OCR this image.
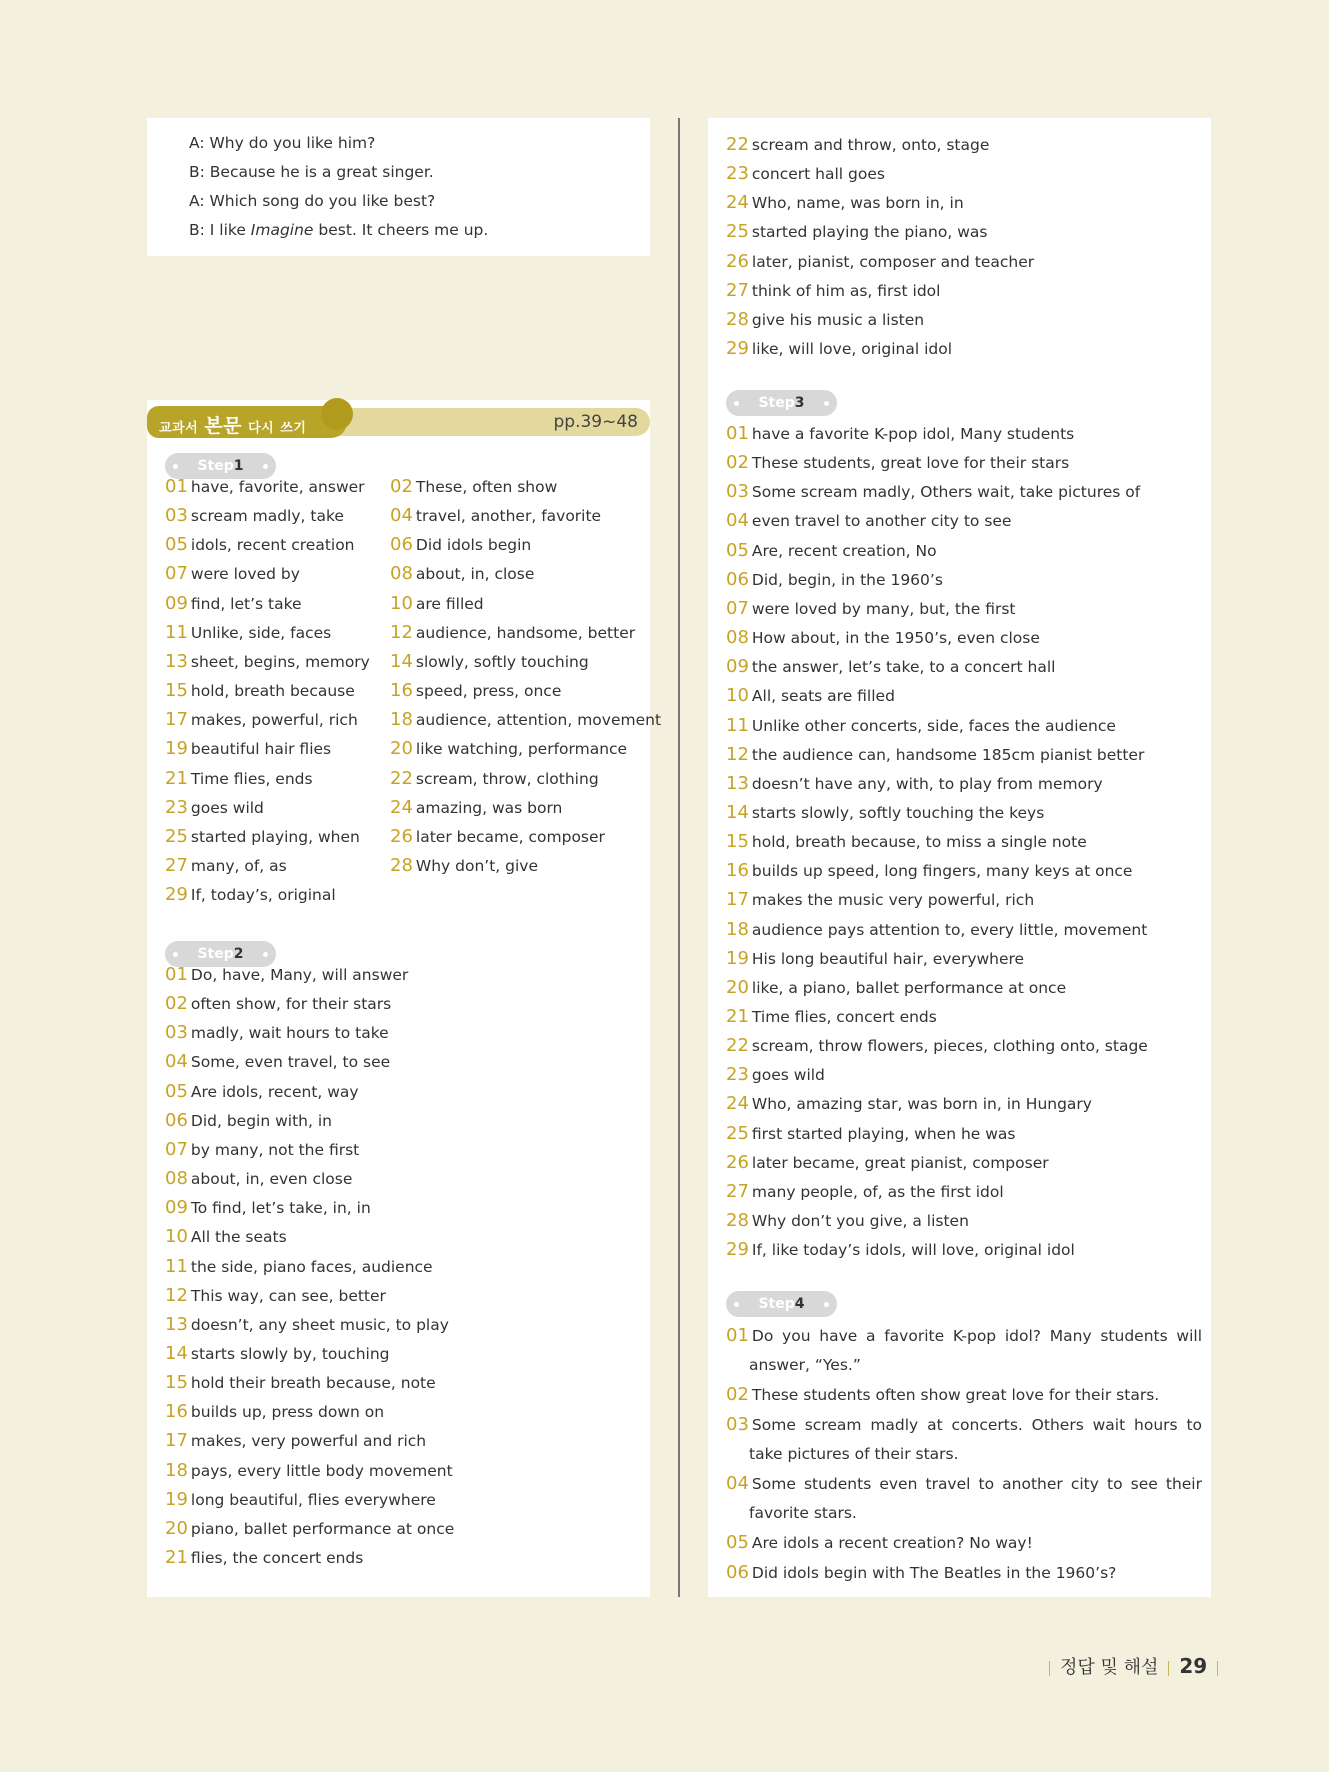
교과서 본문 다시 쓰기	pp.39~48
정답 및 해설 29
A: Why do you like him?
B: Because he is a great singer.
A: Which song do you like best?
B: I like Imagine best. It cheers me up.
Step1
01 have, favorite, answer 02 These, often show
03 scream madly, take	04 travel, another, favorite
05 idols, recent creation 06 Did idols begin
07 were loved by	08 about, in, close
09 find, let’s take	10 are filled
11 Unlike, side, faces	12 audience, handsome, better
13 sheet, begins, memory 14 slowly, softly touching
15 hold, breath because 16 speed, press, once
17 makes, powerful, rich 18 audience, attention, movement
19 beautiful hair flies	20 like watching, performance
21 Time flies, ends	22 scream, throw, clothing
23 goes wild	24 amazing, was born
25 started playing, when 26 later became, composer
27 many, of, as	28 Why don’t, give
29 If, today’s, original
Step2
01 Do, have, Many, will answer
02 often show, for their stars
03 madly, wait hours to take
04 Some, even travel, to see
05 Are idols, recent, way
06 Did, begin with, in
07 by many, not the first
08 about, in, even close
09 To find, let’s take, in, in
10 All the seats
11 the side, piano faces, audience
12 This way, can see, better
13 doesn’t, any sheet music, to play
14 starts slowly by, touching
15 hold their breath because, note
16 builds up, press down on
17 makes, very powerful and rich
18 pays, every little body movement
19 long beautiful, flies everywhere
20 piano, ballet performance at once
21 flies, the concert ends
22 scream and throw, onto, stage
23 concert hall goes
24 Who, name, was born in, in
25 started playing the piano, was
26 later, pianist, composer and teacher
27 think of him as, first idol
28 give his music a listen
29 like, will love, original idol
Step3
01 have a favorite K-pop idol, Many students
02 These students, great love for their stars
03 Some scream madly, Others wait, take pictures of
04 even travel to another city to see
05 Are, recent creation, No
06 Did, begin, in the 1960’s
07 were loved by many, but, the first
08 How about, in the 1950’s, even close
09 the answer, let’s take, to a concert hall
10 All, seats are filled
11 Unlike other concerts, side, faces the audience
12 the audience can, handsome 185cm pianist better
13 doesn’t have any, with, to play from memory
14 starts slowly, softly touching the keys
15 hold, breath because, to miss a single note
16 builds up speed, long fingers, many keys at once
17 makes the music very powerful, rich
18 audience pays attention to, every little, movement
19 His long beautiful hair, everywhere
20 like, a piano, ballet performance at once
21 Time flies, concert ends
22 scream, throw flowers, pieces, clothing onto, stage
23 goes wild
24 Who, amazing star, was born in, in Hungary
25 first started playing, when he was
26 later became, great pianist, composer
27 many people, of, as the first idol
28 Why don’t you give, a listen
29 If, like today’s idols, will love, original idol
Step4
01 Do you have a favorite K-pop idol? Many students will answer, “Yes.”
02 These students often show great love for their stars.
03 Some scream madly at concerts. Others wait hours to take pictures of their stars.
04 Some students even travel to another city to see their favorite stars.
05 Are idols a recent creation? No way!
06 Did idols begin with The Beatles in the 1960’s?
